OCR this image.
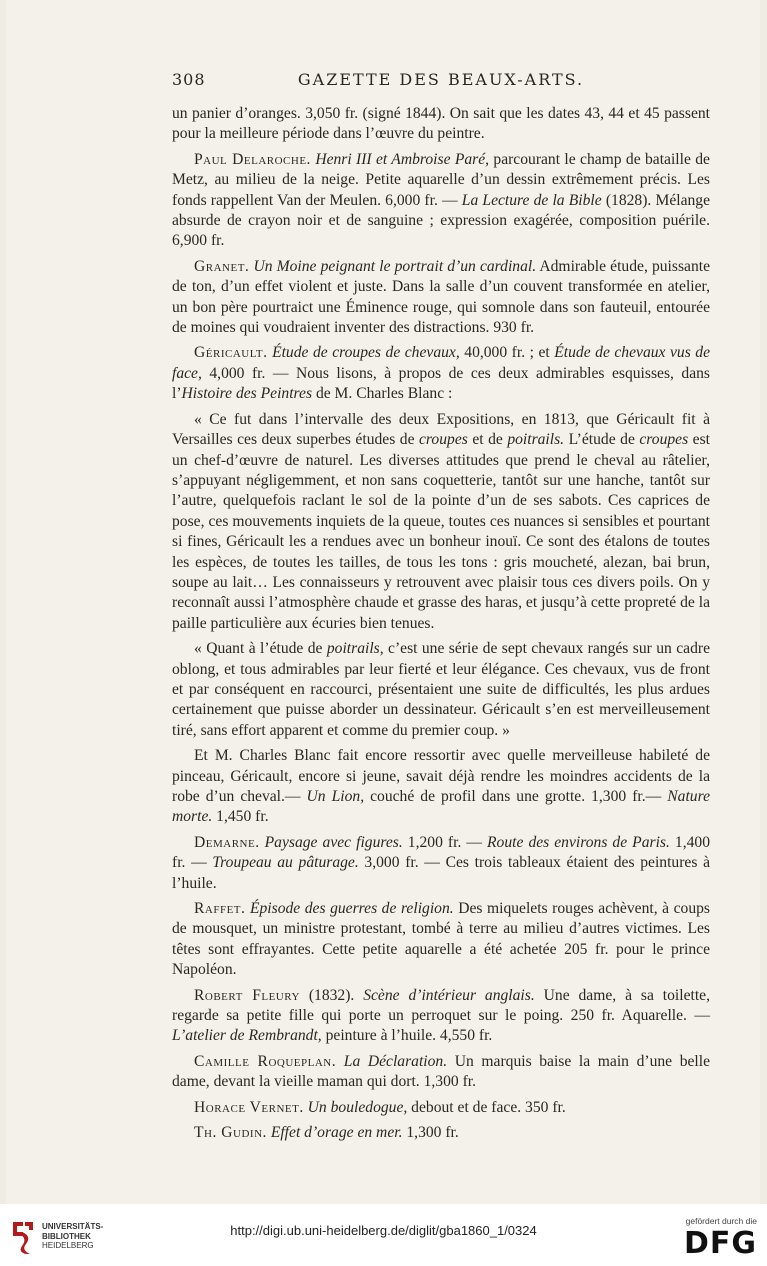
308	GAZETTE DES BEAUX-ARTS.

un panier d’oranges. 3,050 fr. (signé 1844). On sait que les dates 43, 44 et 45 passent pour la meilleure période dans l’œuvre du peintre.

Paul Delaroche. Henri III et Ambroise Paré, parcourant le champ de bataille de Metz, au milieu de la neige. Petite aquarelle d’un dessin extrêmement précis. Les fonds rappellent Van der Meulen. 6,000 fr. — La Lecture de la Bible (1828). Mélange absurde de crayon noir et de sanguine ; expression exagérée, composition puérile. 6,900 fr.

Granet. Un Moine peignant le portrait d’un cardinal. Admirable étude, puissante de ton, d’un effet violent et juste. Dans la salle d’un couvent transformée en atelier, un bon père pourtraict une Éminence rouge, qui somnole dans son fauteuil, entourée de moines qui voudraient inventer des distractions. 930 fr.

Géricault. Étude de croupes de chevaux, 40,000 fr. ; et Étude de chevaux vus de face, 4,000 fr. — Nous lisons, à propos de ces deux admirables esquisses, dans l’Histoire des Peintres de M. Charles Blanc :

« Ce fut dans l’intervalle des deux Expositions, en 1813, que Géricault fit à Versailles ces deux superbes études de croupes et de poitrails. L’étude de croupes est un chef-d’œuvre de naturel. Les diverses attitudes que prend le cheval au râtelier, s’appuyant négligemment, et non sans coquetterie, tantôt sur une hanche, tantôt sur l’autre, quelquefois raclant le sol de la pointe d’un de ses sabots. Ces caprices de pose, ces mouvements inquiets de la queue, toutes ces nuances si sensibles et pourtant si fines, Géricault les a rendues avec un bonheur inouï. Ce sont des étalons de toutes les espèces, de toutes les tailles, de tous les tons : gris moucheté, alezan, bai brun, soupe au lait… Les connaisseurs y retrouvent avec plaisir tous ces divers poils. On y reconnaît aussi l’atmosphère chaude et grasse des haras, et jusqu’à cette propreté de la paille particulière aux écuries bien tenues.

« Quant à l’étude de poitrails, c’est une série de sept chevaux rangés sur un cadre oblong, et tous admirables par leur fierté et leur élégance. Ces chevaux, vus de front et par conséquent en raccourci, présentaient une suite de difficultés, les plus ardues certainement que puisse aborder un dessinateur. Géricault s’en est merveilleusement tiré, sans effort apparent et comme du premier coup. »

Et M. Charles Blanc fait encore ressortir avec quelle merveilleuse habileté de pinceau, Géricault, encore si jeune, savait déjà rendre les moindres accidents de la robe d’un cheval.— Un Lion, couché de profil dans une grotte. 1,300 fr.— Nature morte. 1,450 fr.

Demarne. Paysage avec figures. 1,200 fr. — Route des environs de Paris. 1,400 fr. — Troupeau au pâturage. 3,000 fr. — Ces trois tableaux étaient des peintures à l’huile.

Raffet. Épisode des guerres de religion. Des miquelets rouges achèvent, à coups de mousquet, un ministre protestant, tombé à terre au milieu d’autres victimes. Les têtes sont effrayantes. Cette petite aquarelle a été achetée 205 fr. pour le prince Napoléon.

Robert Fleury (1832). Scène d’intérieur anglais. Une dame, à sa toilette, regarde sa petite fille qui porte un perroquet sur le poing. 250 fr. Aquarelle. — L’atelier de Rembrandt, peinture à l’huile. 4,550 fr.

Camille Roqueplan. La Déclaration. Un marquis baise la main d’une belle dame, devant la vieille maman qui dort. 1,300 fr.

Horace Vernet. Un bouledogue, debout et de face. 350 fr.

Th. Gudin. Effet d’orage en mer. 1,300 fr.

UNIVERSITÄTS-
BIBLIOTHEK
HEIDELBERG
http://digi.ub.uni-heidelberg.de/diglit/gba1860_1/0324
gefördert durch die
DFG
